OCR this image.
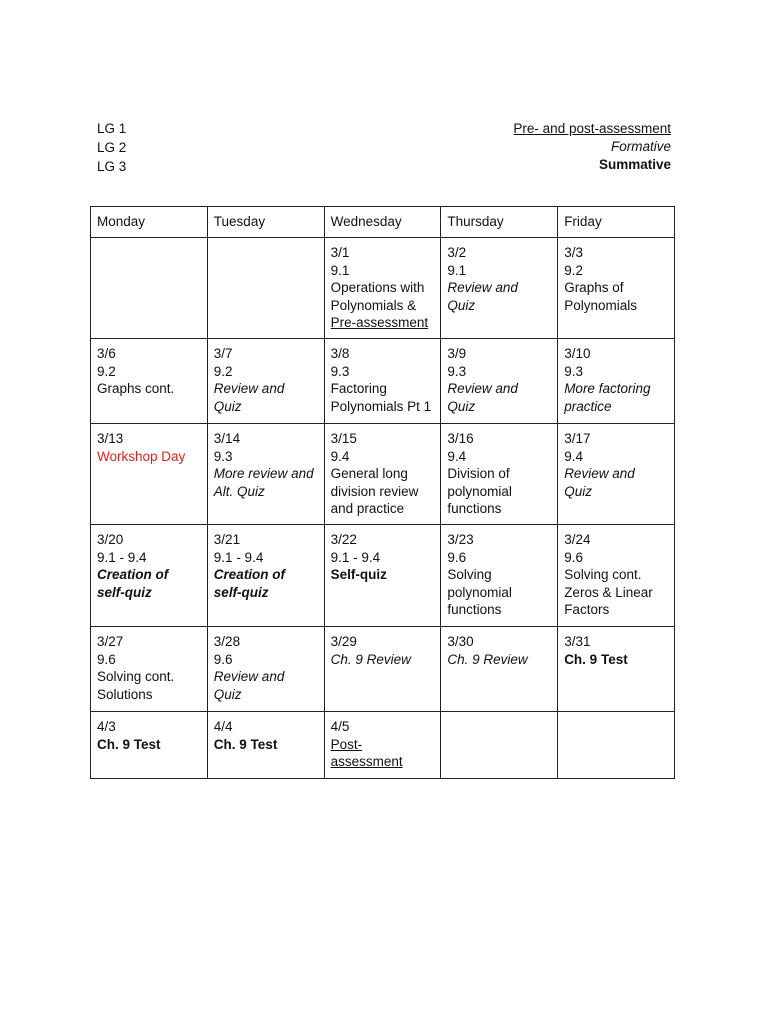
LG 1
LG 2
LG 3
Pre- and post-assessment
Formative
Summative
Monday	Tuesday	Wednesday	Thursday	Friday

		3/1
9.1
Operations with
Polynomials &
Pre-assessment	3/2
9.1
Review and
Quiz	3/3
9.2
Graphs of
Polynomials

3/6
9.2
Graphs cont.	3/7
9.2
Review and
Quiz	3/8
9.3
Factoring
Polynomials Pt 1	3/9
9.3
Review and
Quiz	3/10
9.3
More factoring
practice

3/13
Workshop Day	3/14
9.3
More review and
Alt. Quiz	3/15
9.4
General long
division review
and practice	3/16
9.4
Division of
polynomial
functions	3/17
9.4
Review and
Quiz

3/20
9.1 - 9.4
Creation of
self-quiz	3/21
9.1 - 9.4
Creation of
self-quiz	3/22
9.1 - 9.4
Self-quiz	3/23
9.6
Solving
polynomial
functions	3/24
9.6
Solving cont.
Zeros & Linear
Factors

3/27
9.6
Solving cont.
Solutions	3/28
9.6
Review and
Quiz	3/29
Ch. 9 Review	3/30
Ch. 9 Review	3/31
Ch. 9 Test

4/3
Ch. 9 Test	4/4
Ch. 9 Test	4/5
Post-
assessment		
